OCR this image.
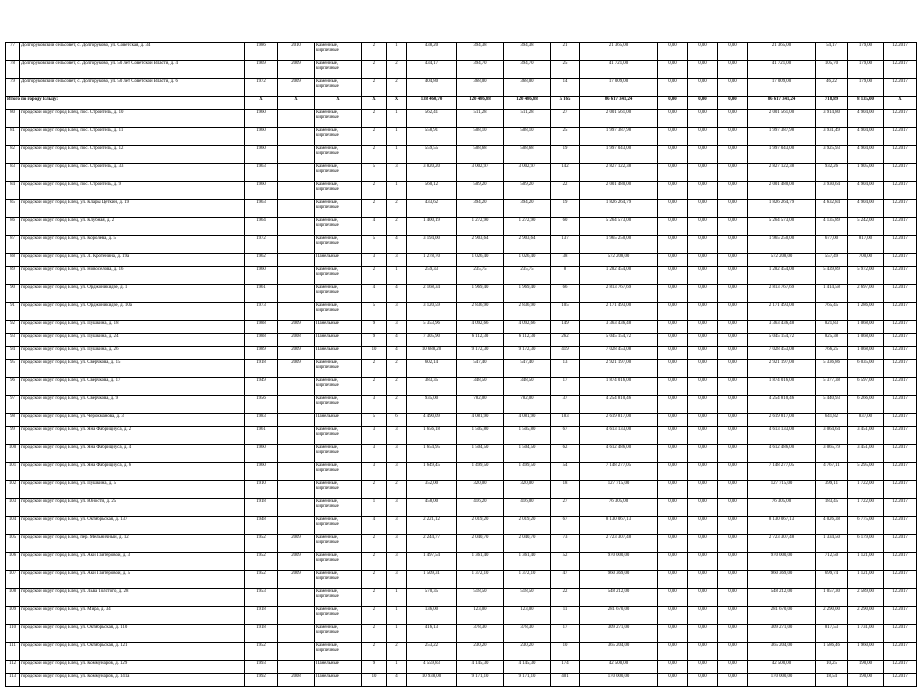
77	Долгоруковский сельсовет, с. Долгоруково, ул. Советская, д. 34	1986	2010	Каменные, кирпичные	2	1	438,20	394,38	394,38	21	21 365,00	0,00	0,00	0,00	21 365,00	54,17	179,00	12.2017
78	Долгоруковский сельсовет, с. Долгоруково, ул. 50 лет Советской Власти, д. 4	1969	2009	Каменные, кирпичные	2	2	434,17	394,70	394,70	25	41 721,00	0,00	0,00	0,00	41 721,00	105,70	179,00	12.2017
79	Долгоруковский сельсовет, с. Долгоруково, ул. 50 лет Советской Власти, д. 6	1972	2009	Каменные, кирпичные	2	2	404,80	368,00	368,00	14	17 009,00	0,00	0,00	0,00	17 009,00	46,22	179,00	12.2017
Итого по городу Ельцу:		X	X	X	X	X	138 460,70	120 486,88	120 486,88	5 165	86 617 341,24	0,00	0,00	0,00	86 617 341,24	718,89	8 135,00	X
80	городской округ город Елец, пос. Строитель, д. 10	1960		Каменные, кирпичные	2	1	562,41	511,28	511,28	27	2 001 561,00	0,00	0,00	0,00	2 001 561,00	3 914,80	4 904,00	12.2017
81	городской округ город Елец, пос. Строитель, д. 11	1960		Каменные, кирпичные	2	1	558,91	508,10	508,10	25	1 997 387,98	0,00	0,00	0,00	1 997 387,98	3 931,49	4 904,00	12.2017
82	городской округ город Елец, пос. Строитель, д. 12	1960		Каменные, кирпичные	2	1	559,55	508,68	508,68	19	1 997 043,00	0,00	0,00	0,00	1 997 043,00	3 925,93	4 904,00	12.2017
83	городской округ город Елец, пос. Строитель, д. 33	1963		Каменные, кирпичные	5	3	3 820,20	3 002,97	3 002,97	142	2 827 122,38	0,00	0,00	0,00	2 827 122,38	932,26	1 905,00	12.2017
84	городской округ город Елец, пос. Строитель, д. 9	1960		Каменные, кирпичные	2	1	560,12	509,20	509,20	22	2 001 480,00	0,00	0,00	0,00	2 001 480,00	3 930,64	4 904,00	12.2017
85	городской округ город Елец, ул. Клары Цеткин, д. 19	1963		Каменные, кирпичные	2	2	433,62	394,20	394,20	19	1 826 264,79	0,00	0,00	0,00	1 826 264,79	4 632,84	4 904,00	12.2017
86	городской округ город Елец, ул. Клубная, д. 2	1964		Каменные, кирпичные	4	2	1 400,19	1 272,90	1 272,90	60	5 264 573,00	0,00	0,00	0,00	5 264 573,00	4 135,89	5 242,00	12.2017
87	городской округ город Елец, ул. Королёва, д. 5	1972		Каменные, кирпичные	5	4	3 194,00	2 903,64	2 903,64	137	1 965 250,00	0,00	0,00	0,00	1 965 250,00	677,00	817,00	12.2017
88	городской округ город Елец, ул. Л. Кротенина, д. 19а	1962		Панельные	3	3	1 278,70	1 026,40	1 026,40	38	572 208,00	0,00	0,00	0,00	572 208,00	557,49	700,00	12.2017
89	городской округ город Елец, ул. Новоселова, д. 16	1960		Каменные, кирпичные	2	1	259,33	235,75	235,75	8	1 282 454,00	0,00	0,00	0,00	1 282 454,00	5 439,89	5 972,00	12.2017
90	городской округ город Елец, ул. Орджоникидзе, д. 1	1961		Каменные, кирпичные	4	4	2 168,34	1 969,40	1 969,40	66	2 813 767,69	0,00	0,00	0,00	2 813 767,69	1 414,58	2 697,00	12.2017
91	городской округ город Елец, ул. Орджоникидзе, д. 10а	1973		Каменные, кирпичные	5	3	3 120,59	2 836,90	2 836,90	105	2 171 493,00	0,00	0,00	0,00	2 171 493,00	765,45	1 286,00	12.2017
92	городской округ город Елец, ул. Пушкина, д. 18	1988	2009	Панельные	9	3	5 353,96	4 092,66	4 092,66	149	3 363 436,48	0,00	0,00	0,00	3 363 436,48	821,83	1 068,00	12.2017
93	городской округ город Елец, ул. Пушкина, д. 24	1988	2008	Панельные	9	4	7 305,90	6 112,30	6 112,30	262	5 045 154,72	0,00	0,00	0,00	5 045 154,72	825,38	1 068,00	12.2017
94	городской округ город Елец, ул. Пушкина, д. 26	1989	2009	Панельные	10	4	10 688,20	9 172,30	9 172,30	419	7 028 453,08	0,00	0,00	0,00	7 028 453,08	766,25	1 068,00	12.2017
95	городской округ город Елец, ул. Сверчкова, д. 15	1918	2009	Каменные, кирпичные	2	2	602,14	547,40	547,40	13	2 921 197,00	0,00	0,00	0,00	2 921 197,00	5 336,86	6 035,00	12.2017
96	городской округ город Елец, ул. Сверчкова, д. 17	1949		Каменные, кирпичные	2	2	383,35	348,50	348,50	17	1 874 016,00	0,00	0,00	0,00	1 874 016,00	5 377,38	6 597,00	12.2017
97	городской округ город Елец, ул. Сверчкова, д. 9	1956		Каменные, кирпичные	3	2	935,00	782,00	782,00	37	4 254 810,46	0,00	0,00	0,00	4 254 810,46	5 440,93	6 266,00	12.2017
98	городской округ город Елец, ул. Черокманова, д. 3	1983		Панельные	5	6	4 490,09	4 081,90	4 081,90	183	2 619 817,00	0,00	0,00	0,00	2 619 817,00	641,82	837,00	12.2017
99	городской округ город Елец, ул. Яна Фабрициуса, д. 2	1961		Каменные, кирпичные	3	3	1 656,18	1 505,80	1 505,80	67	4 613 133,00	0,00	0,00	0,00	4 613 133,00	3 064,64	3 451,00	12.2017
100	городской округ город Елец, ул. Яна Фабрициуса, д. 4	1960		Каменные, кирпичные	3	3	1 654,95	1 504,50	1 504,50	62	4 612 486,00	0,00	0,00	0,00	4 612 486,00	3 065,79	3 451,00	12.2017
101	городской округ город Елец, ул. Яна Фабрициуса, д. 6	1960		Каменные, кирпичные	3	3	1 649,45	1 499,50	1 499,50	54	7 148 277,05	0,00	0,00	0,00	7 148 277,05	4 767,11	5 295,00	12.2017
102	городской округ город Елец, ул. Пушкина, д. 5	1910		Каменные, кирпичные	2	2	352,00	320,00	320,00	18	127 715,00	0,00	0,00	0,00	127 715,00	399,11	1 722,00	12.2017
103	городской округ город Елец, ул. Юности, д. 25	1918		Каменные, кирпичные	1	3	458,00	416,20	416,00	27	76 305,00	0,00	0,00	0,00	76 305,00	183,45	1 722,00	12.2017
104	городской округ город Елец, ул. Октябрьская, д. 137	1948		Каменные, кирпичные	4	3	2 221,12	2 019,20	2 019,20	67	8 130 067,13	0,00	0,00	0,00	8 130 067,13	4 026,38	6 775,00	12.2017
105	городской округ город Елец, пер. Мельничный, д. 12	1952	2009	Каменные, кирпичные	2	3	2 244,77	2 040,70	2 040,70	73	2 723 307,48	0,00	0,00	0,00	2 723 307,48	1 334,50	6 179,00	12.2017
106	городской округ город Елец, ул. Аки Гайтеровой, д. 3	1952	2009	Каменные, кирпичные	2	3	1 497,54	1 361,40	1 361,40	52	970 000,00	0,00	0,00	0,00	970 000,00	712,50	1 121,00	12.2017
107	городской округ город Елец, ул. Аки Гайтеровой, д. 5	1952	2009	Каменные, кирпичные	2	3	1 509,31	1 372,10	1 372,10	47	960 369,00	0,00	0,00	0,00	960 369,00	699,74	1 121,00	12.2017
108	городской округ город Елец, ул. Льва Толстого, д. 28	1953		Каменные, кирпичные	2	1	570,35	518,50	518,50	22	548 212,00	0,00	0,00	0,00	548 212,00	1 057,30	2 589,00	12.2017
109	городской округ город Елец, ул. Мира, д. 34	1918		Каменные, кирпичные	2	1	136,00	123,00	123,00	11	281 670,00	0,00	0,00	0,00	281 670,00	2 290,00	2 290,00	12.2017
110	городской округ город Елец, ул. Октябрьская, д. 110	1918		Каменные, кирпичные	2	1	416,13	378,30	378,30	17	309 271,00	0,00	0,00	0,00	309 271,00	817,53	1 731,00	12.2017
111	городской округ город Елец, ул. Октябрьская, д. 121	1952		Каменные, кирпичные	2	2	253,22	230,20	230,20	10	365 204,00	0,00	0,00	0,00	365 204,00	1 586,46	1 960,00	12.2017
112	городской округ город Елец, ул. Коммунаров, д. 129	1993		Панельные	9	1	4 559,83	4 145,30	4 145,30	174	42 500,00	0,00	0,00	0,00	42 500,00	10,25	190,00	12.2017
113	городской округ город Елец, ул. Коммунаров, д. 141а	1992	2008	Панельные	10	4	10 938,00	9 171,10	9 171,10	401	170 000,00	0,00	0,00	0,00	170 000,00	18,54	190,00	12.2017
